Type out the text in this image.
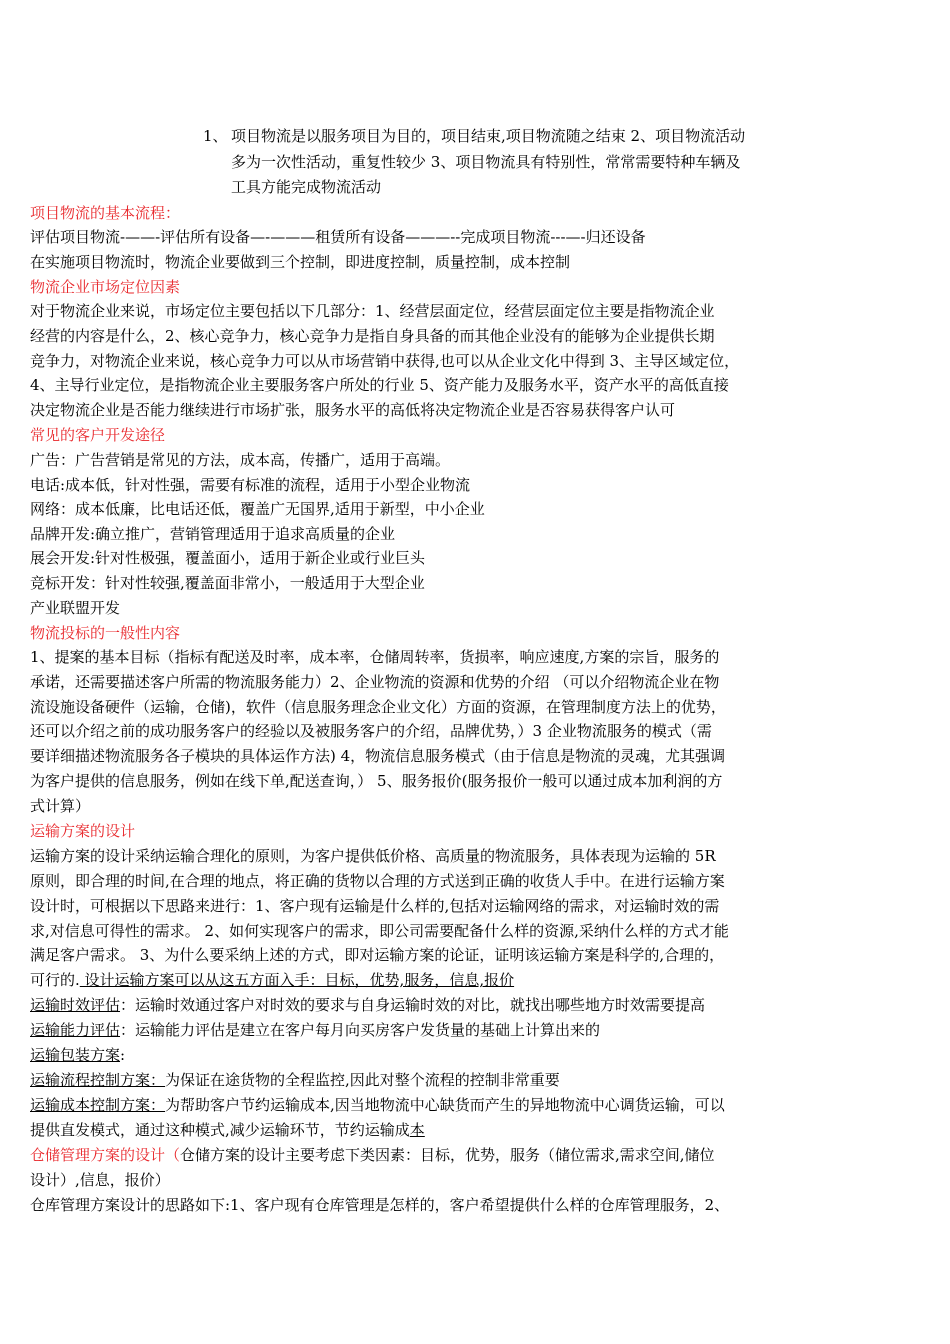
1、 项目物流是以服务项目为目的，项目结束,项目物流随之结束 2、项目物流活动
多为一次性活动，重复性较少 3、项目物流具有特别性，常常需要特种车辆及
工具方能完成物流活动
项目物流的基本流程：
评估项目物流-——-评估所有设备—-———租赁所有设备———--完成项目物流---—-归还设备
在实施项目物流时，物流企业要做到三个控制，即进度控制，质量控制，成本控制
物流企业市场定位因素
对于物流企业来说，市场定位主要包括以下几部分：1、经营层面定位，经营层面定位主要是指物流企业
经营的内容是什么，2、核心竞争力，核心竞争力是指自身具备的而其他企业没有的能够为企业提供长期
竞争力，对物流企业来说，核心竞争力可以从市场营销中获得,也可以从企业文化中得到 3、主导区域定位，
4、主导行业定位，是指物流企业主要服务客户所处的行业 5、资产能力及服务水平，资产水平的高低直接
决定物流企业是否能力继续进行市场扩张，服务水平的高低将决定物流企业是否容易获得客户认可
常见的客户开发途径
广告：广告营销是常见的方法，成本高，传播广，适用于高端。
电话:成本低，针对性强，需要有标准的流程，适用于小型企业物流
网络：成本低廉，比电话还低，覆盖广无国界,适用于新型，中小企业
品牌开发:确立推广，营销管理适用于追求高质量的企业
展会开发:针对性极强，覆盖面小，适用于新企业或行业巨头
竞标开发：针对性较强,覆盖面非常小，一般适用于大型企业
产业联盟开发
物流投标的一般性内容
1、提案的基本目标（指标有配送及时率，成本率，仓储周转率，货损率，响应速度,方案的宗旨，服务的
承诺，还需要描述客户所需的物流服务能力）2、企业物流的资源和优势的介绍 （可以介绍物流企业在物
流设施设备硬件（运输，仓储)，软件（信息服务理念企业文化）方面的资源，在管理制度方法上的优势，
还可以介绍之前的成功服务客户的经验以及被服务客户的介绍，品牌优势，）3 企业物流服务的模式（需
要详细描述物流服务各子模块的具体运作方法) 4，物流信息服务模式（由于信息是物流的灵魂，尤其强调
为客户提供的信息服务，例如在线下单,配送查询，） 5、服务报价(服务报价一般可以通过成本加利润的方
式计算）
运输方案的设计
运输方案的设计采纳运输合理化的原则，为客户提供低价格、高质量的物流服务，具体表现为运输的 5R
原则，即合理的时间,在合理的地点，将正确的货物以合理的方式送到正确的收货人手中。在进行运输方案
设计时，可根据以下思路来进行：1、客户现有运输是什么样的,包括对运输网络的需求，对运输时效的需
求,对信息可得性的需求。 2、如何实现客户的需求，即公司需要配备什么样的资源,采纳什么样的方式才能
满足客户需求。 3、为什么要采纳上述的方式，即对运输方案的论证，证明该运输方案是科学的,合理的，
可行的. 设计运输方案可以从这五方面入手：目标，优势,服务，信息,报价
运输时效评估：运输时效通过客户对时效的要求与自身运输时效的对比，就找出哪些地方时效需要提高
运输能力评估：运输能力评估是建立在客户每月向买房客户发货量的基础上计算出来的
运输包装方案:
运输流程控制方案：为保证在途货物的全程监控,因此对整个流程的控制非常重要
运输成本控制方案：为帮助客户节约运输成本,因当地物流中心缺货而产生的异地物流中心调货运输，可以
提供直发模式，通过这种模式,减少运输环节，节约运输成本
仓储管理方案的设计（仓储方案的设计主要考虑下类因素：目标，优势，服务（储位需求,需求空间,储位
设计）,信息，报价）
仓库管理方案设计的思路如下:1、客户现有仓库管理是怎样的，客户希望提供什么样的仓库管理服务，2、
